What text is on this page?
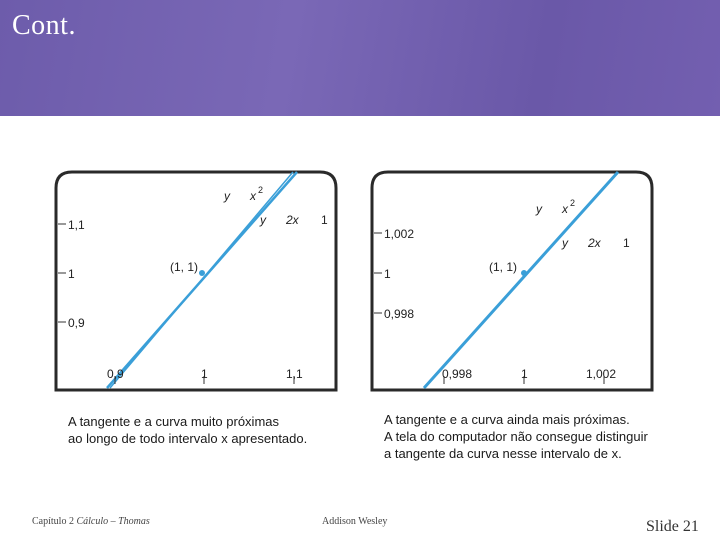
Cont.
1,1
1
0,9
0,9	1	1,1
(1, 1)
y x 2
y 2x 1
A tangente e a curva muito próximas
ao longo de todo intervalo x apresentado.
1,002
1
0,998
0,998	1	1,002
(1, 1)
y x 2
y 2x 1
A tangente e a curva ainda mais próximas.
A tela do computador não consegue distinguir
a tangente da curva nesse intervalo de x.
Capítulo 2 Cálculo – Thomas	Addison Wesley	Slide 21
